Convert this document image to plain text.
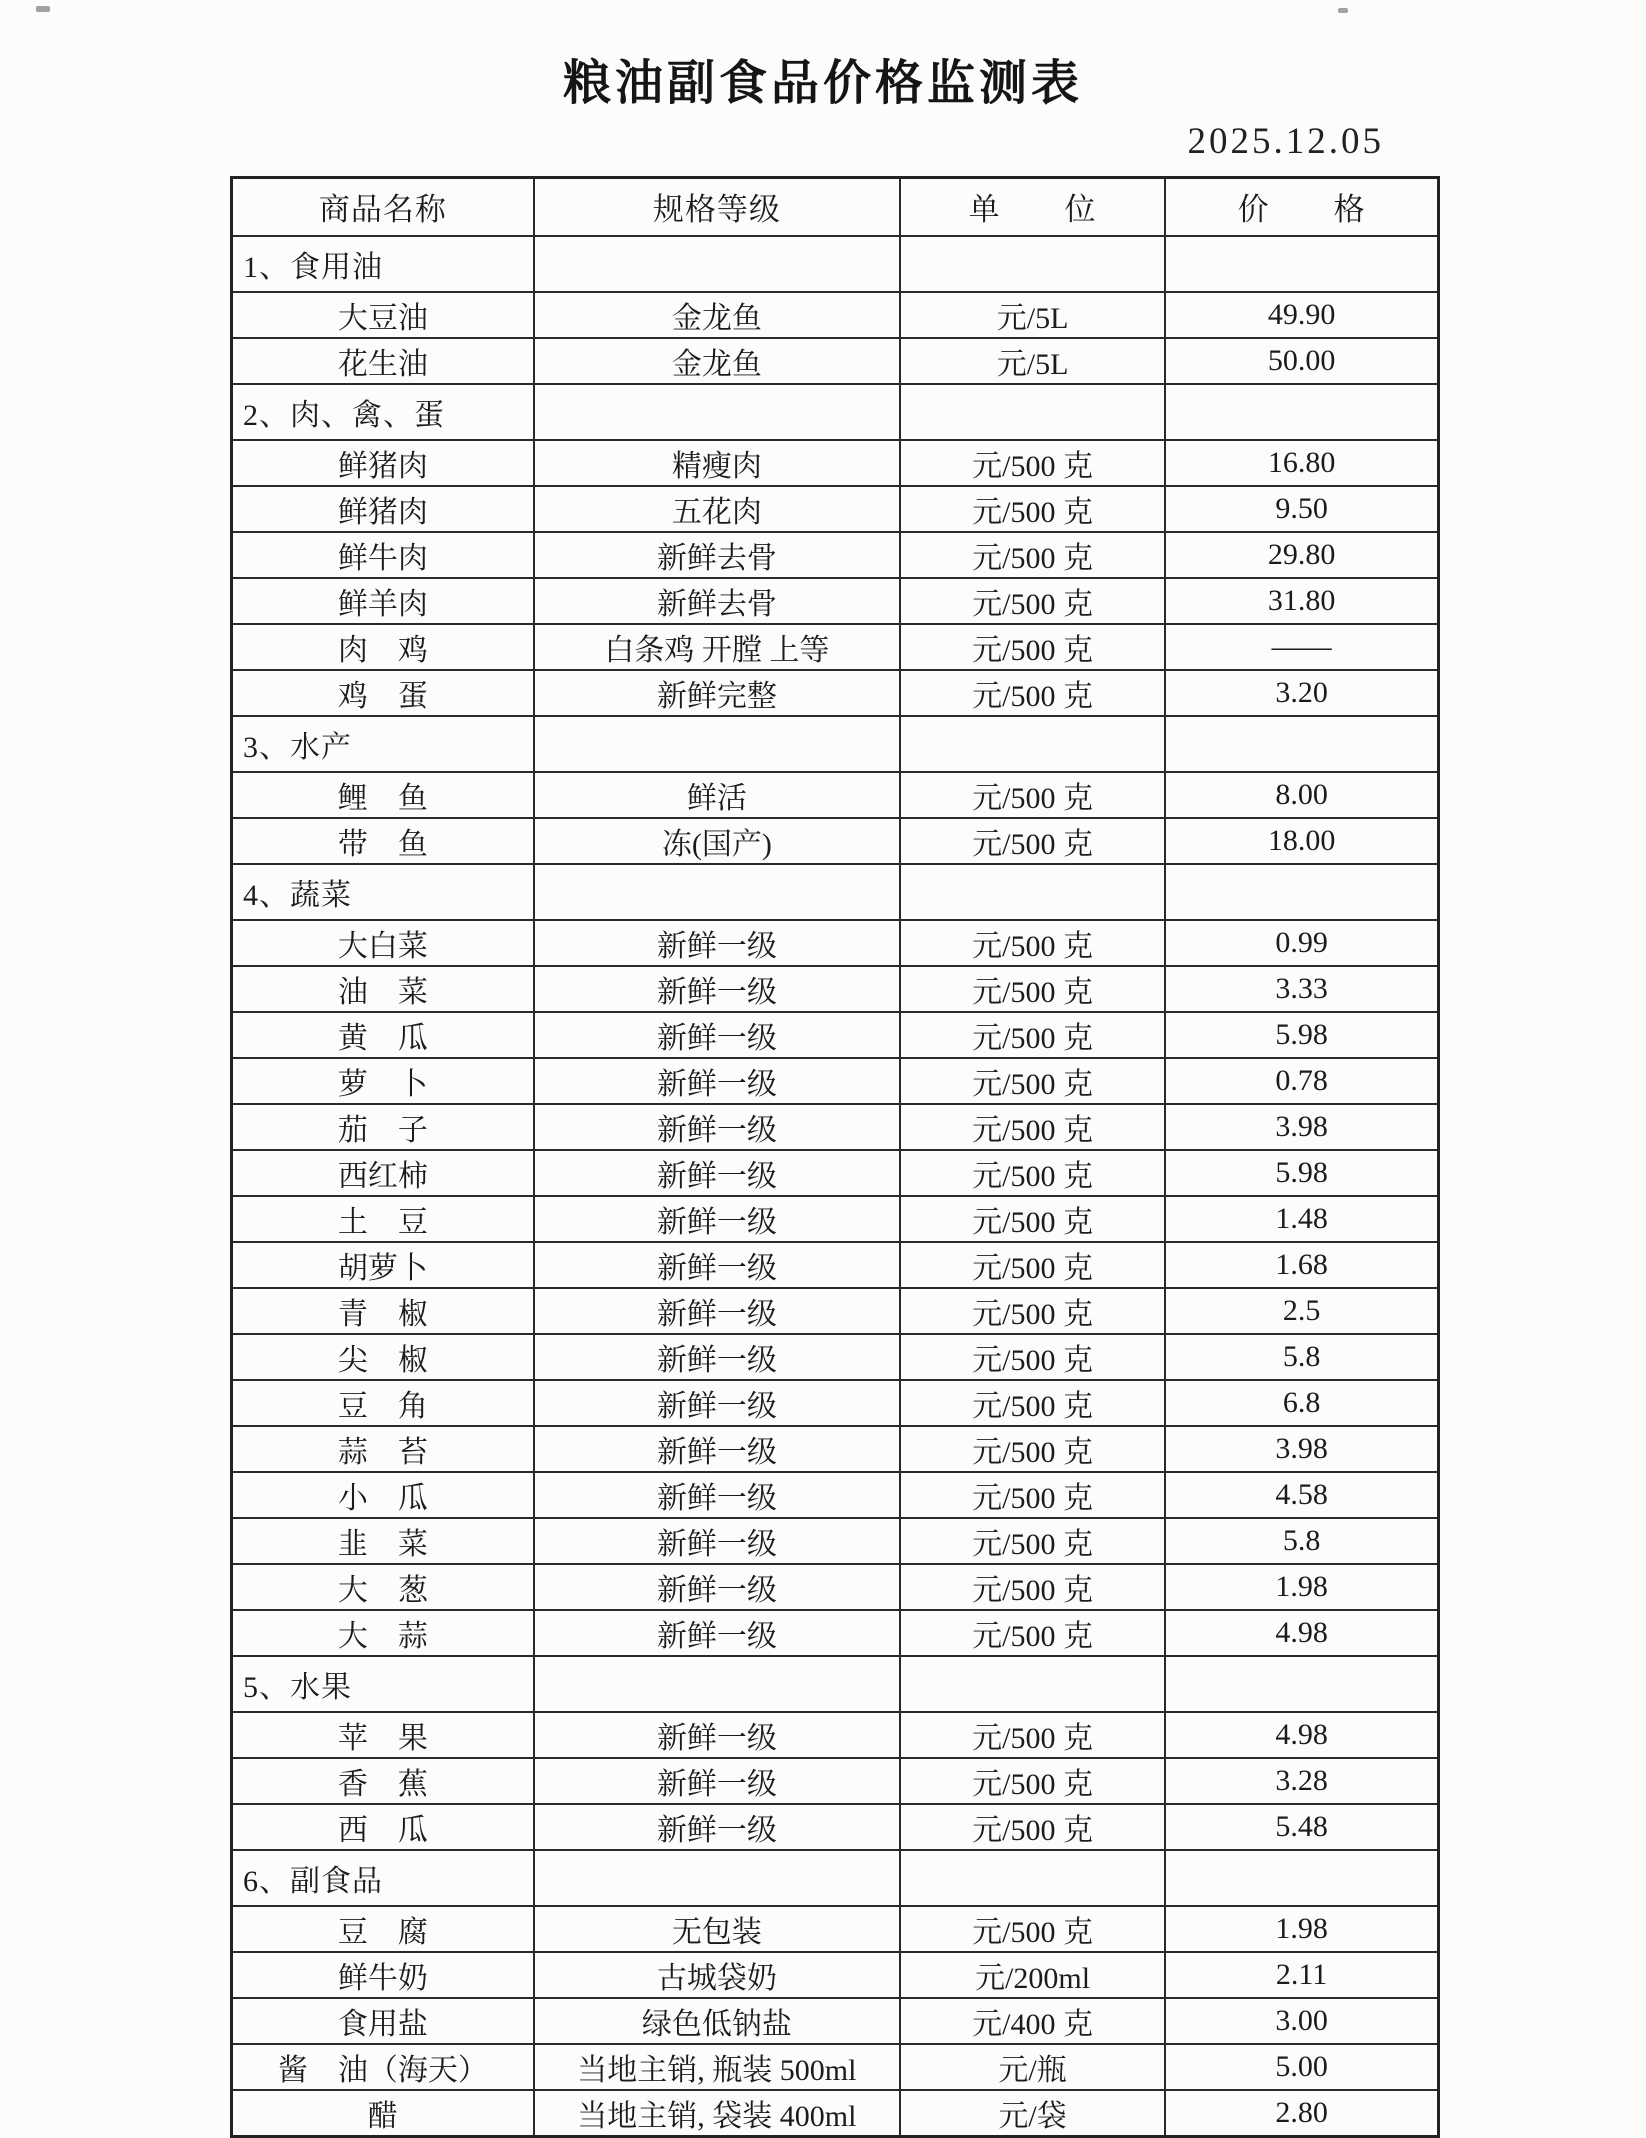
粮油副食品价格监测表
2025.12.05
商品名称	规格等级	单　　位	价　　格
1、食用油			
大豆油	金龙鱼	元/5L	49.90
花生油	金龙鱼	元/5L	50.00
2、肉、禽、蛋			
鲜猪肉	精瘦肉	元/500 克	16.80
鲜猪肉	五花肉	元/500 克	9.50
鲜牛肉	新鲜去骨	元/500 克	29.80
鲜羊肉	新鲜去骨	元/500 克	31.80
肉　鸡	白条鸡 开膛 上等	元/500 克	——
鸡　蛋	新鲜完整	元/500 克	3.20
3、水产			
鲤　鱼	鲜活	元/500 克	8.00
带　鱼	冻(国产)	元/500 克	18.00
4、蔬菜			
大白菜	新鲜一级	元/500 克	0.99
油　菜	新鲜一级	元/500 克	3.33
黄　瓜	新鲜一级	元/500 克	5.98
萝　卜	新鲜一级	元/500 克	0.78
茄　子	新鲜一级	元/500 克	3.98
西红柿	新鲜一级	元/500 克	5.98
土　豆	新鲜一级	元/500 克	1.48
胡萝卜	新鲜一级	元/500 克	1.68
青　椒	新鲜一级	元/500 克	2.5
尖　椒	新鲜一级	元/500 克	5.8
豆　角	新鲜一级	元/500 克	6.8
蒜　苔	新鲜一级	元/500 克	3.98
小　瓜	新鲜一级	元/500 克	4.58
韭　菜	新鲜一级	元/500 克	5.8
大　葱	新鲜一级	元/500 克	1.98
大　蒜	新鲜一级	元/500 克	4.98
5、水果			
苹　果	新鲜一级	元/500 克	4.98
香　蕉	新鲜一级	元/500 克	3.28
西　瓜	新鲜一级	元/500 克	5.48
6、副食品			
豆　腐	无包装	元/500 克	1.98
鲜牛奶	古城袋奶	元/200ml	2.11
食用盐	绿色低钠盐	元/400 克	3.00
酱　油（海天）	当地主销, 瓶装 500ml	元/瓶	5.00
醋	当地主销, 袋装 400ml	元/袋	2.80
